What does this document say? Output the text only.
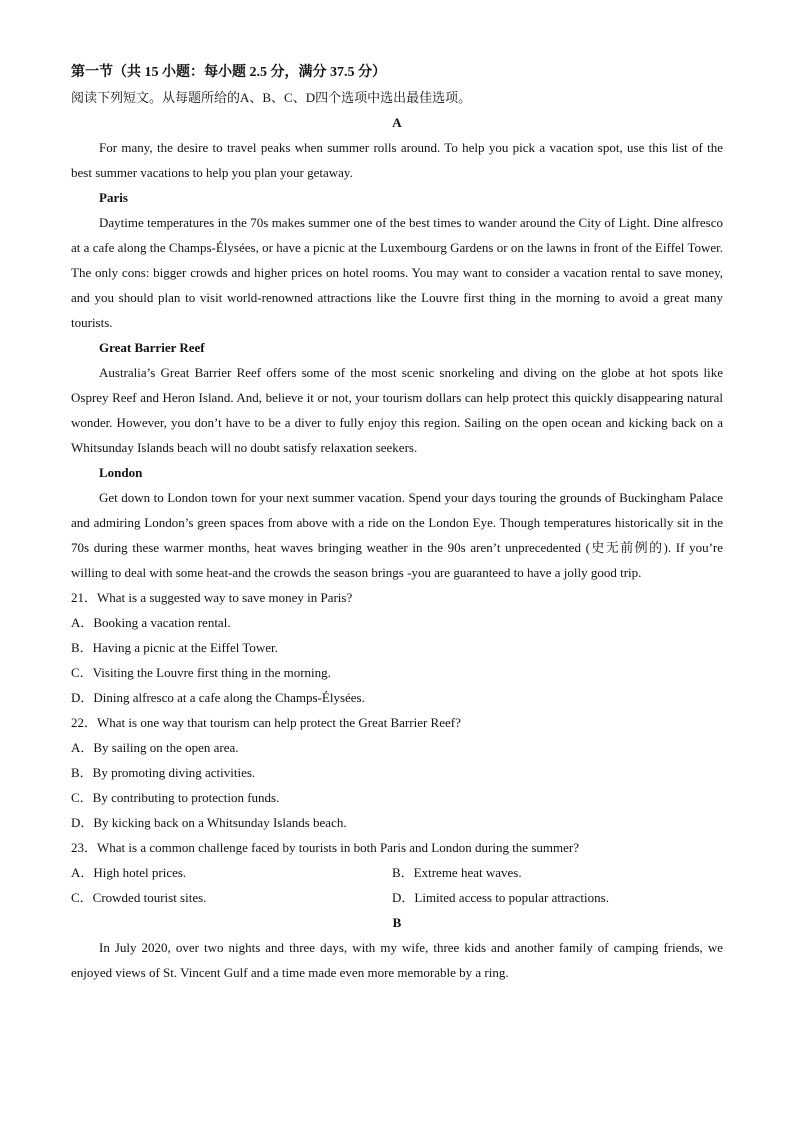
第一节（共 15 小题：每小题 2.5 分，满分 37.5 分）

阅读下列短文。从每题所给的A、B、C、D四个选项中选出最佳选项。

A

For many, the desire to travel peaks when summer rolls around. To help you pick a vacation spot, use this list of the best summer vacations to help you plan your getaway.

Paris

Daytime temperatures in the 70s makes summer one of the best times to wander around the City of Light. Dine alfresco at a cafe along the Champs-Élysées, or have a picnic at the Luxembourg Gardens or on the lawns in front of the Eiffel Tower. The only cons: bigger crowds and higher prices on hotel rooms. You may want to consider a vacation rental to save money, and you should plan to visit world-renowned attractions like the Louvre first thing in the morning to avoid a great many tourists.

Great Barrier Reef

Australia’s Great Barrier Reef offers some of the most scenic snorkeling and diving on the globe at hot spots like Osprey Reef and Heron Island. And, believe it or not, your tourism dollars can help protect this quickly disappearing natural wonder. However, you don’t have to be a diver to fully enjoy this region. Sailing on the open ocean and kicking back on a Whitsunday Islands beach will no doubt satisfy relaxation seekers.

London

Get down to London town for your next summer vacation. Spend your days touring the grounds of Buckingham Palace and admiring London’s green spaces from above with a ride on the London Eye. Though temperatures historically sit in the 70s during these warmer months, heat waves bringing weather in the 90s aren’t unprecedented (史无前例的). If you’re willing to deal with some heat-and the crowds the season brings -you are guaranteed to have a jolly good trip.

21．What is a suggested way to save money in Paris?

A．Booking a vacation rental.

B．Having a picnic at the Eiffel Tower.

C．Visiting the Louvre first thing in the morning.

D．Dining alfresco at a cafe along the Champs-Élysées.

22．What is one way that tourism can help protect the Great Barrier Reef?

A．By sailing on the open area.

B．By promoting diving activities.

C．By contributing to protection funds.

D．By kicking back on a Whitsunday Islands beach.

23．What is a common challenge faced by tourists in both Paris and London during the summer?

A．High hotel prices.	B．Extreme heat waves.

C．Crowded tourist sites.	D．Limited access to popular attractions.

B

In July 2020, over two nights and three days, with my wife, three kids and another family of camping friends, we enjoyed views of St. Vincent Gulf and a time made even more memorable by a ring.
